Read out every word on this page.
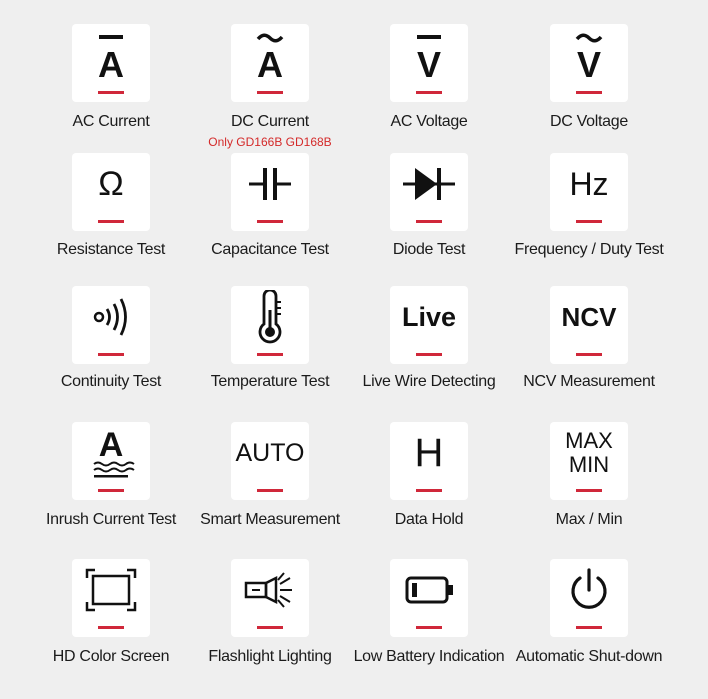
A
AC Current
A
DC Current
Only GD166B GD168B
V
AC Voltage
V
DC Voltage
Ω
Resistance Test	Capacitance Test	Diode Test
Hz
Frequency / Duty Test
Continuity Test	Temperature Test
Live
Live Wire Detecting
NCV
NCV Measurement
A
Inrush Current Test
AUTO
Smart Measurement
H
Data Hold
MAX
MIN
Max / Min
HD Color Screen	Flashlight Lighting	Low Battery Indication Automatic Shut-down
